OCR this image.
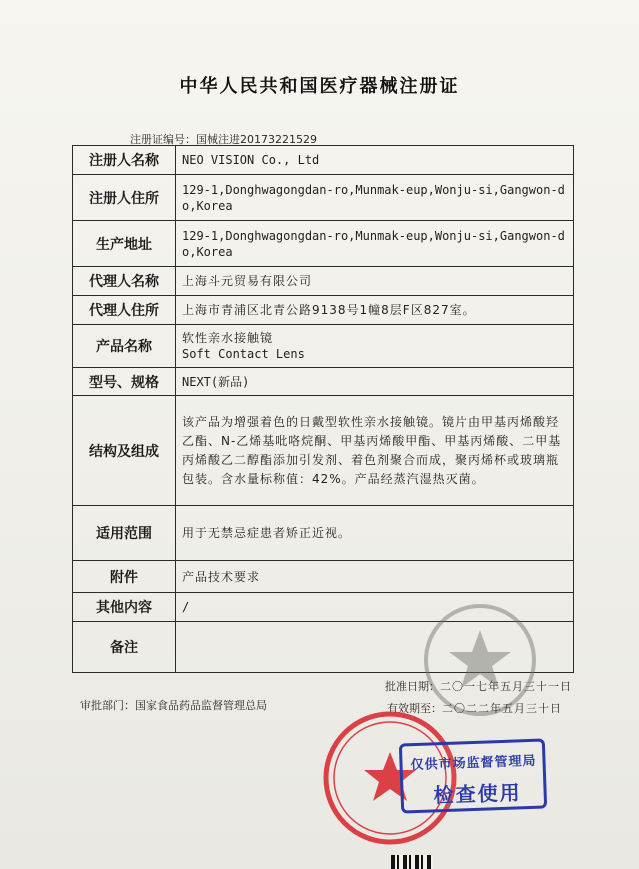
中华人民共和国医疗器械注册证
注册证编号：国械注进20173221529
注册人名称	NEO VISION Co., Ltd
注册人住所	129-1,Donghwagongdan-ro,Munmak-eup,Wonju-si,Gangwon-do,Korea
生产地址	129-1,Donghwagongdan-ro,Munmak-eup,Wonju-si,Gangwon-do,Korea
代理人名称	上海斗元贸易有限公司
代理人住所	上海市青浦区北青公路9138号1幢8层F区827室。
产品名称	软性亲水接触镜
Soft Contact Lens

型号、规格	NEXT(新品)
结构及组成	该产品为增强着色的日戴型软性亲水接触镜。镜片由甲基丙烯酸羟乙酯、N-乙烯基吡咯烷酮、甲基丙烯酸甲酯、甲基丙烯酸、二甲基丙烯酸乙二醇酯添加引发剂、着色剂聚合而成，聚丙烯杯或玻璃瓶包装。含水量标称值：42%。产品经蒸汽湿热灭菌。
适用范围	用于无禁忌症患者矫正近视。
附件	产品技术要求
其他内容	/
备注	
审批部门：国家食品药品监督管理总局
批准日期：二〇一七年五月三十一日
有效期至：二〇二二年五月三十日
仅供市场监督管理局
检查使用
